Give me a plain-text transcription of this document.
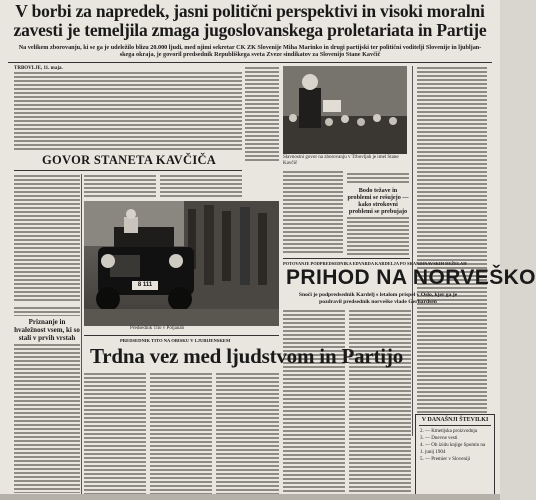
V borbi za napredek, jasni politični perspektivi in visoki moralni
zavesti je temeljila zmaga jugoslovanskega proletariata in Partije
Na velikem zborovanju, ki se ga je udeležilo blizu 20.000 ljudi, med njimi sekretar CK ZK Slovenije Miha Marinko in drugi partijski ter politični voditelji Slovenije in ljubljan-
skega okraja, je govoril predsednik Republiškega sveta Zveze sindikatov za Slovenijo Stane Kavčič
TRBOVLJE, 11. maja.
GOVOR STANETA KAVČIČA
8 111
Predsednik Tito v Poljanah
Slavnostni govor na zborovanju v Trbovljah je imel Stane Kavčič
Bodo težave in problemi se rešujejo — kako strokovni problemi se prebujajo
Priznanje in hvaležnost vsem, ki so stali v prvih vrstah
POTOVANJE PODPREDSEDNIKA EDVARDA KARDELJA PO SKANDINAVSKIH DEŽELAH
PRIHOD NA NORVEŠKO
Snoči je podpredsednik Kardelj s letalom prispel v Oslo, kjer ga je
pozdravil predsednik norveške vlade Gerhardsen
PREDSEDNIK TITO NA OBISKU V LJUBIJENSKEM
Trdna vez med ljudstvom in Partijo
V DANAŠNJI ŠTEVILKI
2. — Kmetijska proizvodnja
3. — Dnevne vesti
4. — Ob izidu knjige Spomin na 1. junij 1904
5. — Premier v Sloveniji
